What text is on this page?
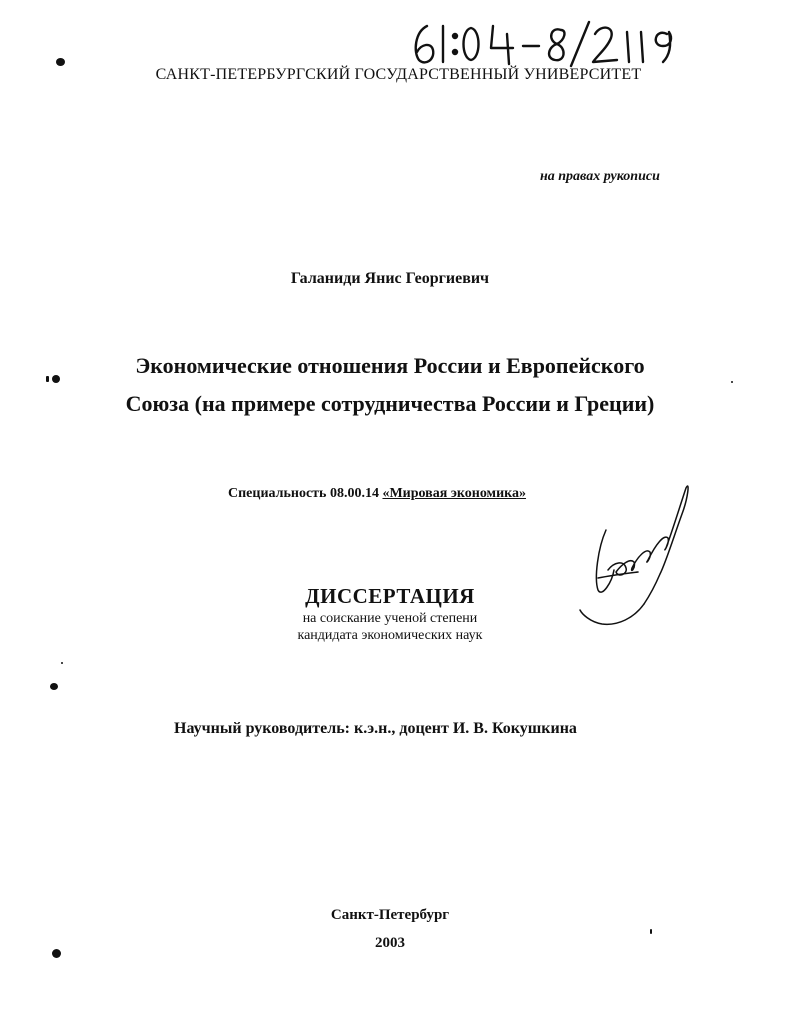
САНКТ-ПЕТЕРБУРГСКИЙ ГОСУДАРСТВЕННЫЙ УНИВЕРСИТЕТ
на правах рукописи
Галаниди Янис Георгиевич
Экономические отношения России и Европейского
Союза (на примере сотрудничества России и Греции)
Специальность 08.00.14 «Мировая экономика»
ДИССЕРТАЦИЯ
на соискание ученой степени
кандидата экономических наук
Научный руководитель: к.э.н., доцент И. В. Кокушкина
Санкт-Петербург
2003
